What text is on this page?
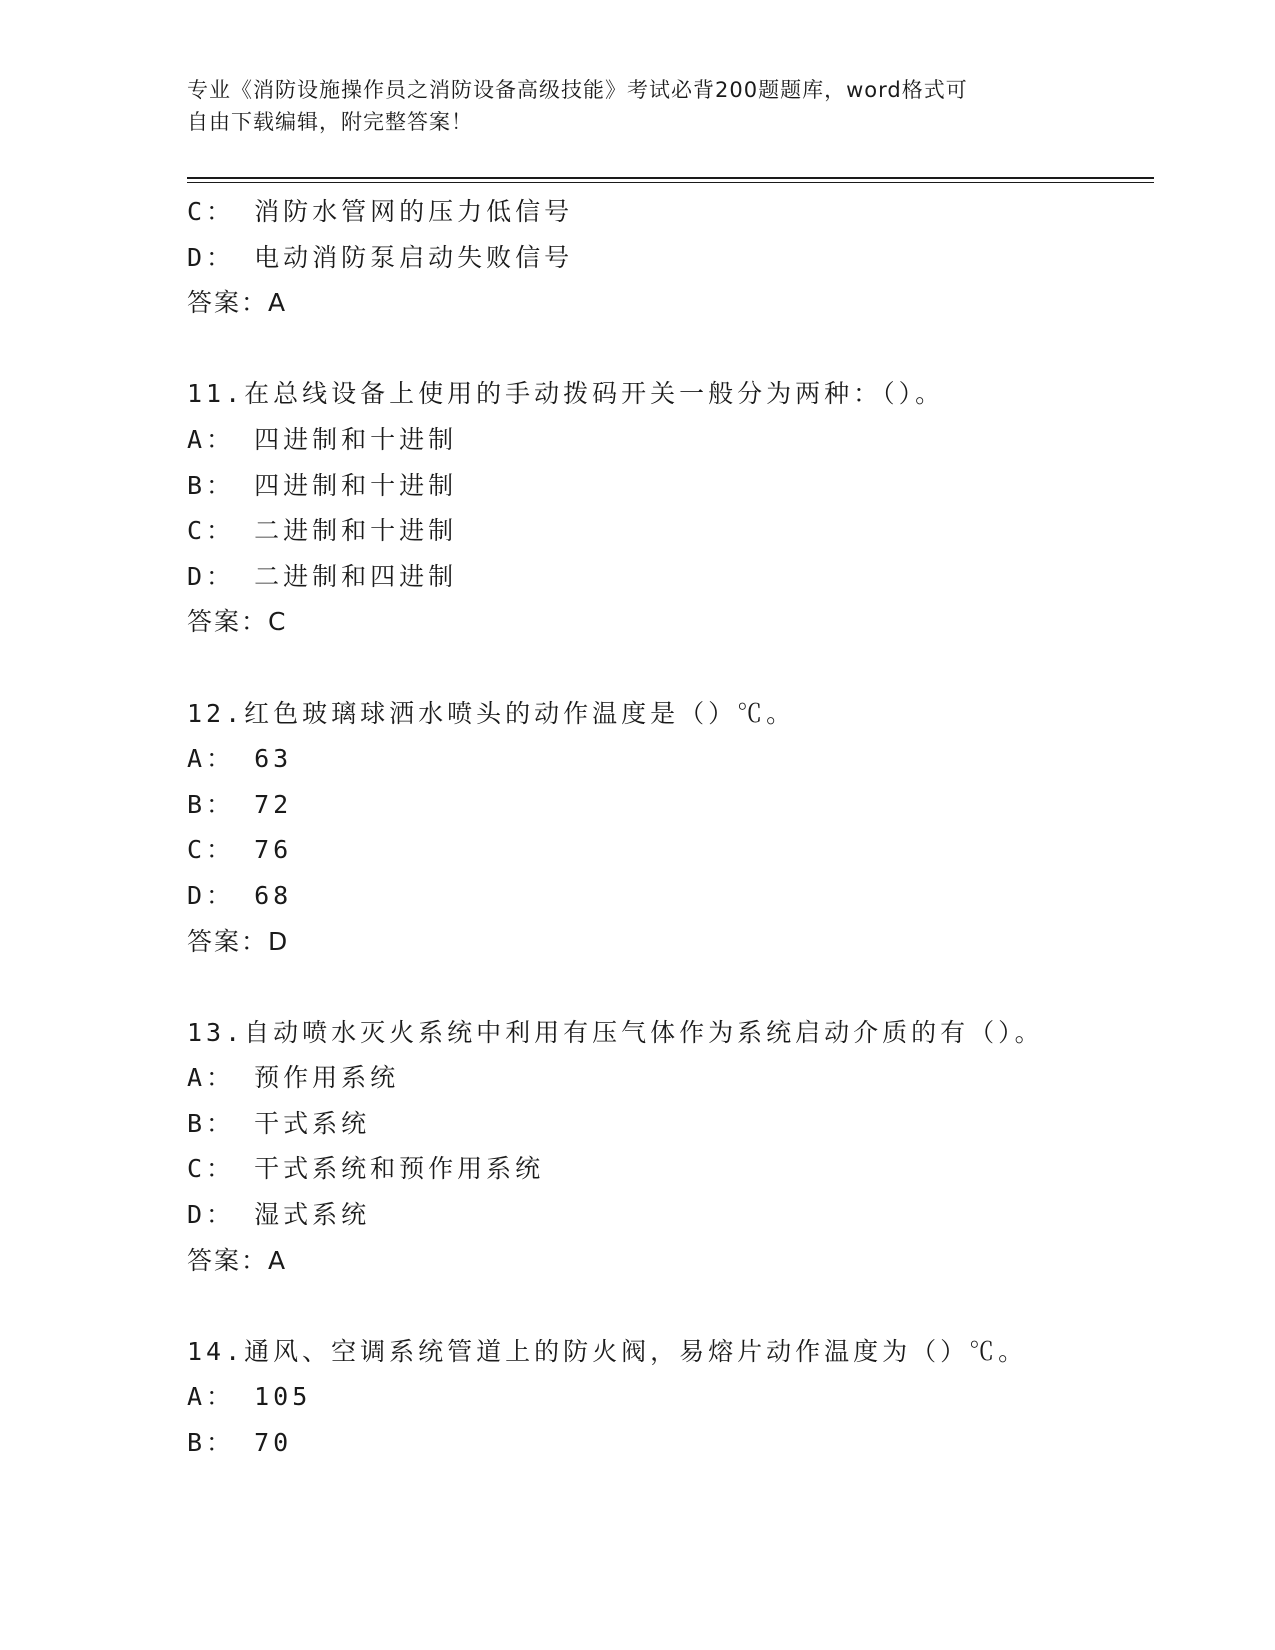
专业《消防设施操作员之消防设备高级技能》考试必背200题题库，word格式可
自由下载编辑，附完整答案！
C： 消防水管网的压力低信号
D： 电动消防泵启动失败信号
答案：A
11.在总线设备上使用的手动拨码开关一般分为两种：（）。
A： 四进制和十进制
B： 四进制和十进制
C： 二进制和十进制
D： 二进制和四进制
答案：C
12.红色玻璃球洒水喷头的动作温度是（）℃。
A： 63
B： 72
C： 76
D： 68
答案：D
13.自动喷水灭火系统中利用有压气体作为系统启动介质的有（）。
A： 预作用系统
B： 干式系统
C： 干式系统和预作用系统
D： 湿式系统
答案：A
14.通风、空调系统管道上的防火阀，易熔片动作温度为（）℃。
A： 105
B： 70
